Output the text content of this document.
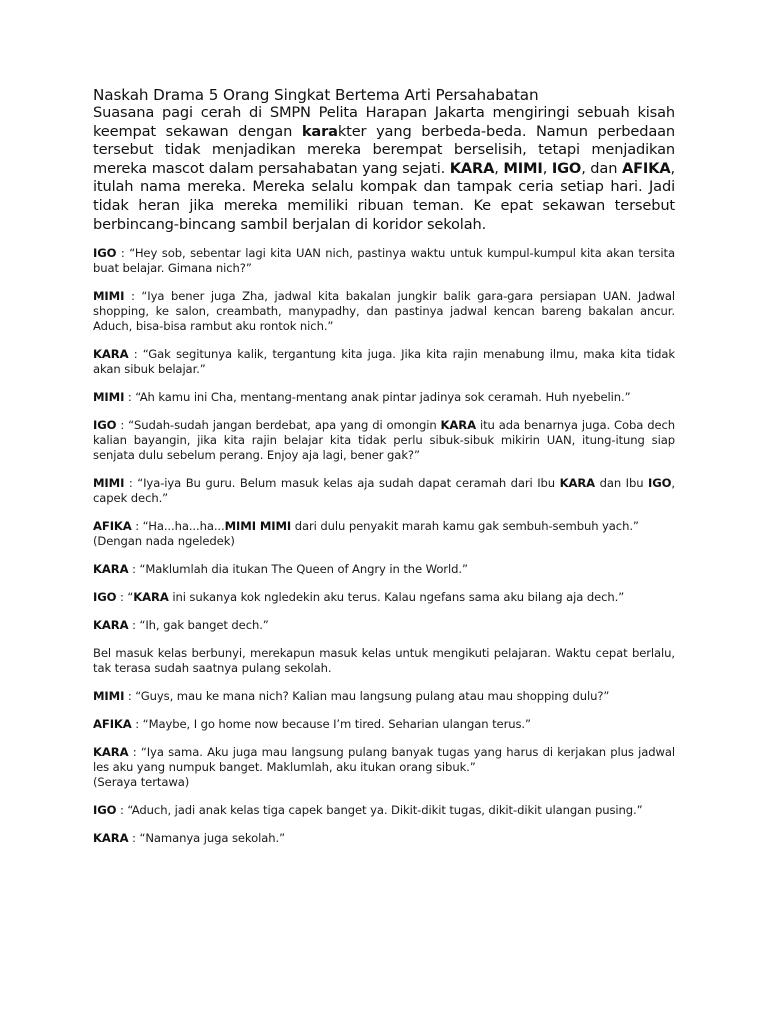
Naskah Drama 5 Orang Singkat Bertema Arti Persahabatan

Suasana pagi cerah di SMPN Pelita Harapan Jakarta mengiringi sebuah kisah keempat sekawan dengan karakter yang berbeda-beda. Namun perbedaan tersebut tidak menjadikan mereka berempat berselisih, tetapi menjadikan mereka mascot dalam persahabatan yang sejati. KARA, MIMI, IGO, dan AFIKA, itulah nama mereka. Mereka selalu kompak dan tampak ceria setiap hari. Jadi tidak heran jika mereka memiliki ribuan teman. Ke epat sekawan tersebut berbincang-bincang sambil berjalan di koridor sekolah.

IGO : “Hey sob, sebentar lagi kita UAN nich, pastinya waktu untuk kumpul-kumpul kita akan tersita buat belajar. Gimana nich?”

MIMI : “Iya bener juga Zha, jadwal kita bakalan jungkir balik gara-gara persiapan UAN. Jadwal shopping, ke salon, creambath, manypadhy, dan pastinya jadwal kencan bareng bakalan ancur. Aduch, bisa-bisa rambut aku rontok nich.”

KARA : “Gak segitunya kalik, tergantung kita juga. Jika kita rajin menabung ilmu, maka kita tidak akan sibuk belajar.”

MIMI : “Ah kamu ini Cha, mentang-mentang anak pintar jadinya sok ceramah. Huh nyebelin.”

IGO : “Sudah-sudah jangan berdebat, apa yang di omongin KARA itu ada benarnya juga. Coba dech kalian bayangin, jika kita rajin belajar kita tidak perlu sibuk-sibuk mikirin UAN, itung-itung siap senjata dulu sebelum perang. Enjoy aja lagi, bener gak?”

MIMI : “Iya-iya Bu guru. Belum masuk kelas aja sudah dapat ceramah dari Ibu KARA dan Ibu IGO, capek dech.”

AFIKA : “Ha...ha...ha...MIMI MIMI dari dulu penyakit marah kamu gak sembuh-sembuh yach.”
(Dengan nada ngeledek)

KARA : “Maklumlah dia itukan The Queen of Angry in the World.”

IGO : “KARA ini sukanya kok ngledekin aku terus. Kalau ngefans sama aku bilang aja dech.”

KARA : “Ih, gak banget dech.”

Bel masuk kelas berbunyi, merekapun masuk kelas untuk mengikuti pelajaran. Waktu cepat berlalu, tak terasa sudah saatnya pulang sekolah.

MIMI : “Guys, mau ke mana nich? Kalian mau langsung pulang atau mau shopping dulu?”

AFIKA : “Maybe, I go home now because I’m tired. Seharian ulangan terus.”

KARA : “Iya sama. Aku juga mau langsung pulang banyak tugas yang harus di kerjakan plus jadwal les aku yang numpuk banget. Maklumlah, aku itukan orang sibuk.”
(Seraya tertawa)

IGO : “Aduch, jadi anak kelas tiga capek banget ya. Dikit-dikit tugas, dikit-dikit ulangan pusing.”

KARA : “Namanya juga sekolah.”
